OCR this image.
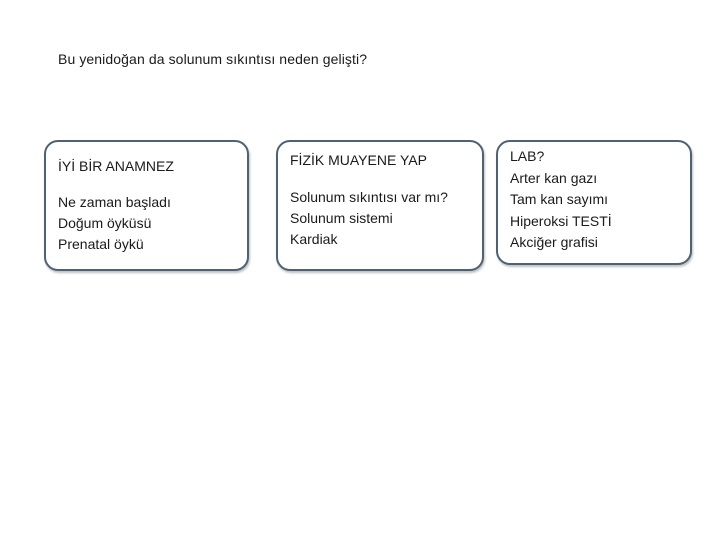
Bu yenidoğan da solunum sıkıntısı neden gelişti?
İYİ BİR ANAMNEZ
Ne zaman başladı
Doğum öyküsü
Prenatal öykü
FİZİK MUAYENE YAP
Solunum sıkıntısı var mı?
Solunum sistemi
Kardiak
LAB?
Arter kan gazı
Tam kan sayımı
Hiperoksi TESTİ
Akciğer grafisi
